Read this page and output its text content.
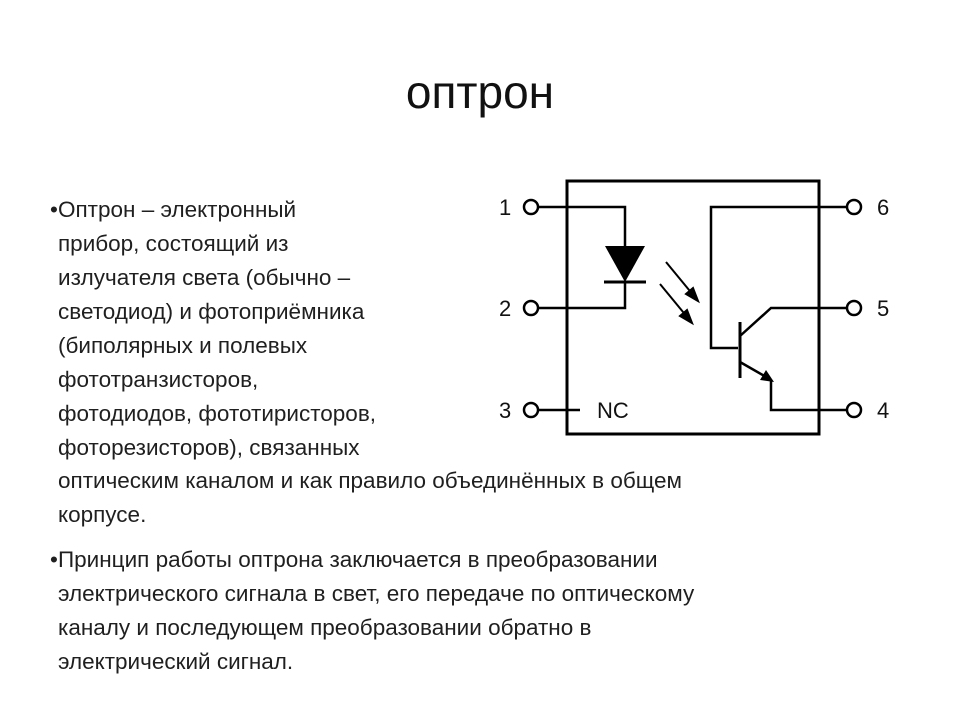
оптрон
• Оптрон – электронный
прибор, состоящий из
излучателя света (обычно –
светодиод) и фотоприёмника
(биполярных и полевых
фототранзисторов,
фотодиодов, фототиристоров,
фоторезисторов), связанных
оптическим каналом и как правило объединённых в общем
корпусе.
• Принцип работы оптрона заключается в преобразовании
электрического сигнала в свет, его передаче по оптическому
каналу и последующем преобразовании обратно в
электрический сигнал.
NC
1
2
3
6
5
4
